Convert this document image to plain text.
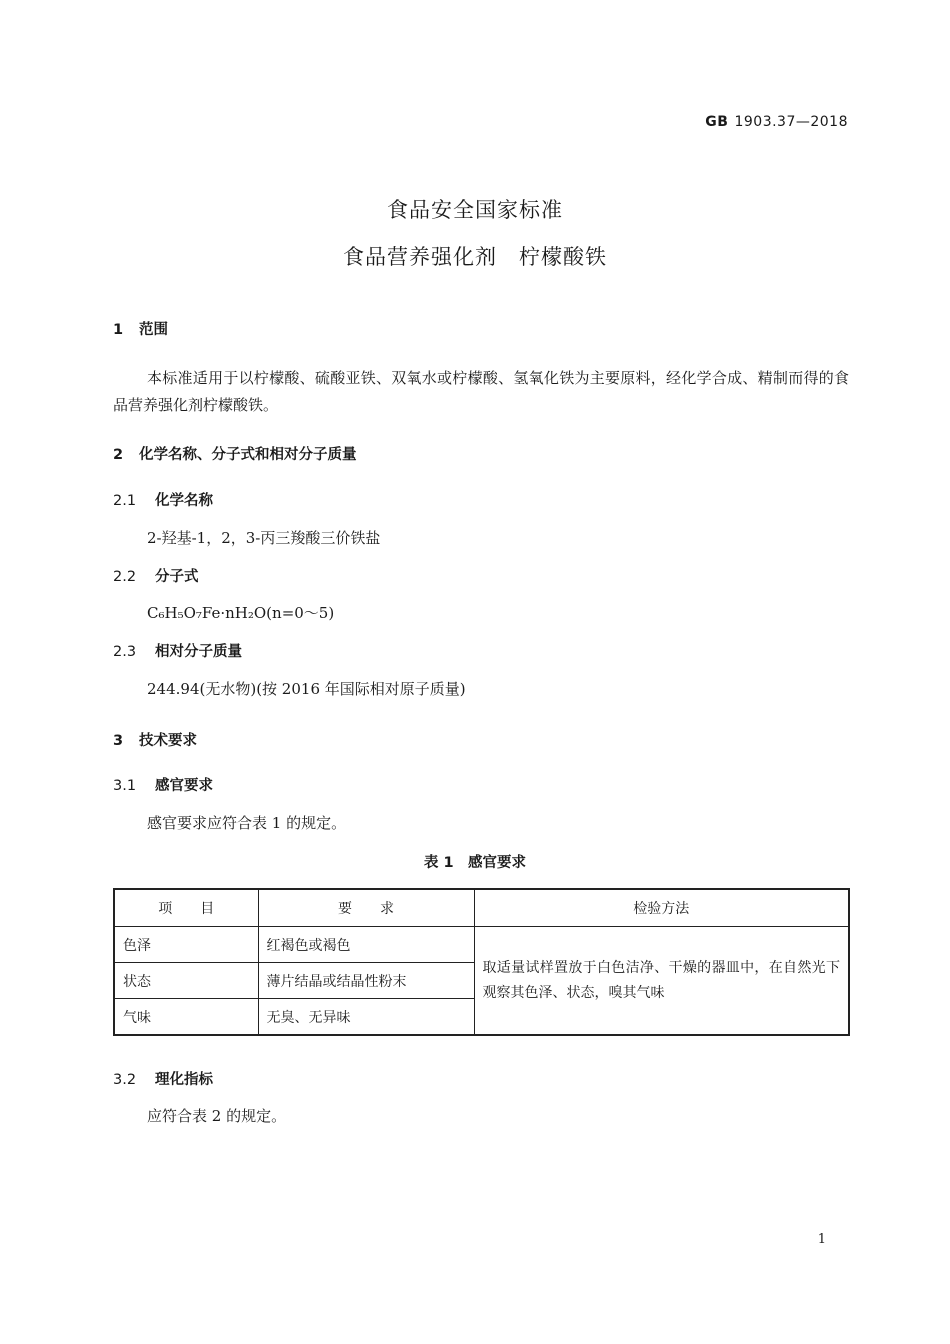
GB 1903.37—2018
食品安全国家标准
食品营养强化剂　柠檬酸铁
1 范围
本标准适用于以柠檬酸、硫酸亚铁、双氧水或柠檬酸、氢氧化铁为主要原料，经化学合成、精制而得的食品营养强化剂柠檬酸铁。
2 化学名称、分子式和相对分子质量
2.1 化学名称
2-羟基-1，2，3-丙三羧酸三价铁盐
2.2 分子式
C₆H₅O₇Fe·nH₂O(n=0～5)
2.3 相对分子质量
244.94(无水物)(按 2016 年国际相对原子质量)
3 技术要求
3.1 感官要求
感官要求应符合表 1 的规定。
表 1　感官要求
项　　目	要　　求	检验方法
色泽	红褐色或褐色	取适量试样置放于白色洁净、干燥的器皿中，在自然光下观察其色泽、状态，嗅其气味
状态	薄片结晶或结晶性粉末	
气味	无臭、无异味	
3.2 理化指标
应符合表 2 的规定。
1
